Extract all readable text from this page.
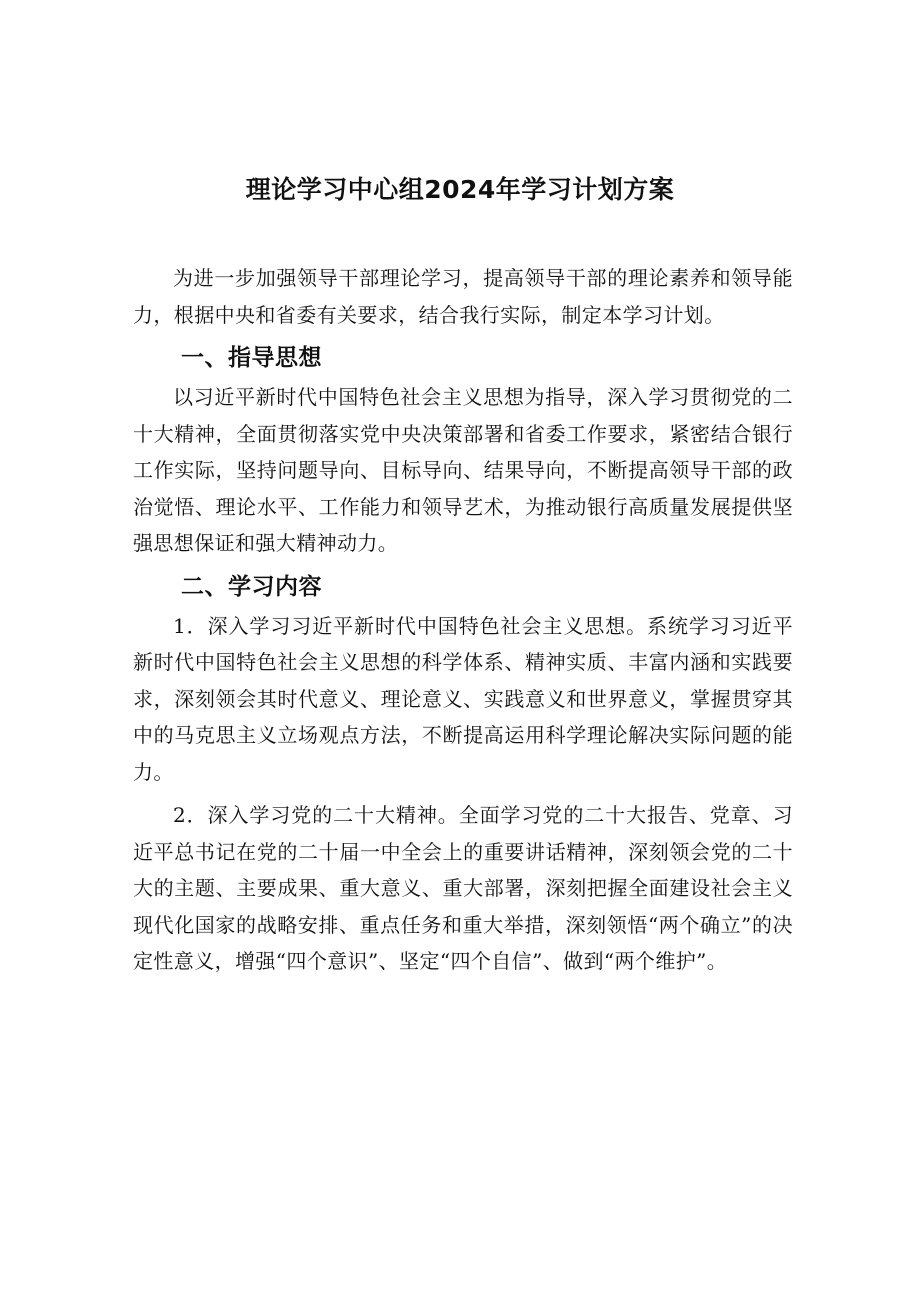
理论学习中心组2024年学习计划方案

为进一步加强领导干部理论学习，提高领导干部的理论素养和领导能力，根据中央和省委有关要求，结合我行实际，制定本学习计划。

一、指导思想

以习近平新时代中国特色社会主义思想为指导，深入学习贯彻党的二十大精神，全面贯彻落实党中央决策部署和省委工作要求，紧密结合银行工作实际，坚持问题导向、目标导向、结果导向，不断提高领导干部的政治觉悟、理论水平、工作能力和领导艺术，为推动银行高质量发展提供坚强思想保证和强大精神动力。

二、学习内容

1．深入学习习近平新时代中国特色社会主义思想。系统学习习近平新时代中国特色社会主义思想的科学体系、精神实质、丰富内涵和实践要求，深刻领会其时代意义、理论意义、实践意义和世界意义，掌握贯穿其中的马克思主义立场观点方法，不断提高运用科学理论解决实际问题的能力。

2．深入学习党的二十大精神。全面学习党的二十大报告、党章、习近平总书记在党的二十届一中全会上的重要讲话精神，深刻领会党的二十大的主题、主要成果、重大意义、重大部署，深刻把握全面建设社会主义现代化国家的战略安排、重点任务和重大举措，深刻领悟“两个确立”的决定性意义，增强“四个意识”、坚定“四个自信”、做到“两个维护”。
